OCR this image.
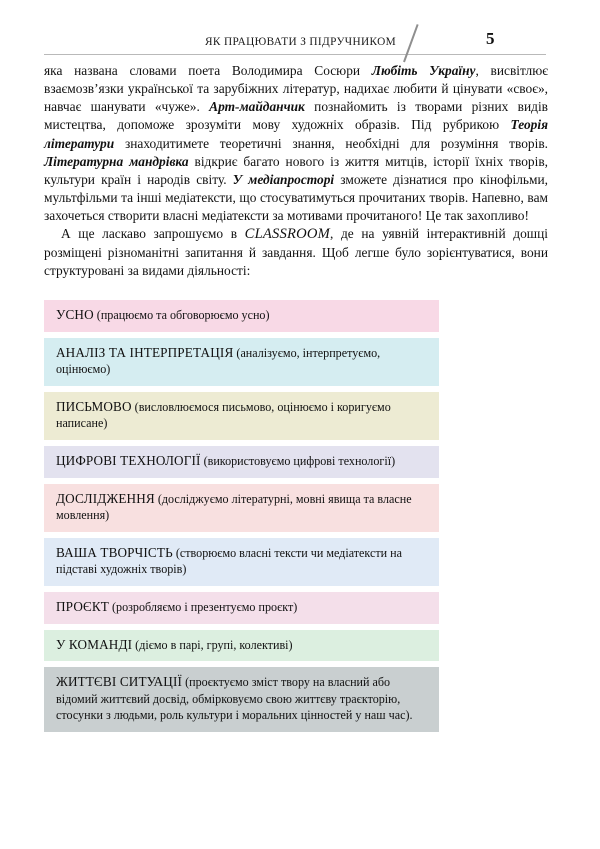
ЯК ПРАЦЮВАТИ З ПІДРУЧНИКОМ	5

яка названа словами поета Володимира Сосюри Любіть Україну, висвітлює взаємозв’язки української та зарубіжних літератур, надихає любити й цінувати «своє», навчає шанувати «чуже». Арт-майданчик познайомить із творами різних видів мистецтва, допоможе зрозуміти мову художніх образів. Під рубрикою Теорія літератури знаходитимете теоретичні знання, необхідні для розуміння творів. Літературна мандрівка відкриє багато нового із життя митців, історії їхніх творів, культури країн і народів світу. У медіапросторі зможете дізнатися про кінофільми, мультфільми та інші медіатексти, що стосуватимуться прочитаних творів. Напевно, вам захочеться створити власні медіатексти за мотивами прочитаного! Це так захопливо!

А ще ласкаво запрошуємо в CLASSROOM, де на уявній інтерактивній дошці розміщені різноманітні запитання й завдання. Щоб легше було зорієнтуватися, вони структуровані за видами діяльності:

УСНО (працюємо та обговорюємо усно)
АНАЛІЗ ТА ІНТЕРПРЕТАЦІЯ (аналізуємо, інтерпретуємо, оцінюємо)
ПИСЬМОВО (висловлюємося письмово, оцінюємо і коригуємо написане)
ЦИФРОВІ ТЕХНОЛОГІЇ (використовуємо цифрові технології)
ДОСЛІДЖЕННЯ (досліджуємо літературні, мовні явища та власне мовлення)
ВАША ТВОРЧІСТЬ (створюємо власні тексти чи медіатексти на підставі художніх творів)
ПРОЄКТ (розробляємо і презентуємо проєкт)
У КОМАНДІ (діємо в парі, групі, колективі)
ЖИТТЄВІ СИТУАЦІЇ (проєктуємо зміст твору на власний або відомий життєвий досвід, обмірковуємо свою життєву траєкторію, стосунки з людьми, роль культури і моральних цінностей у наш час).
